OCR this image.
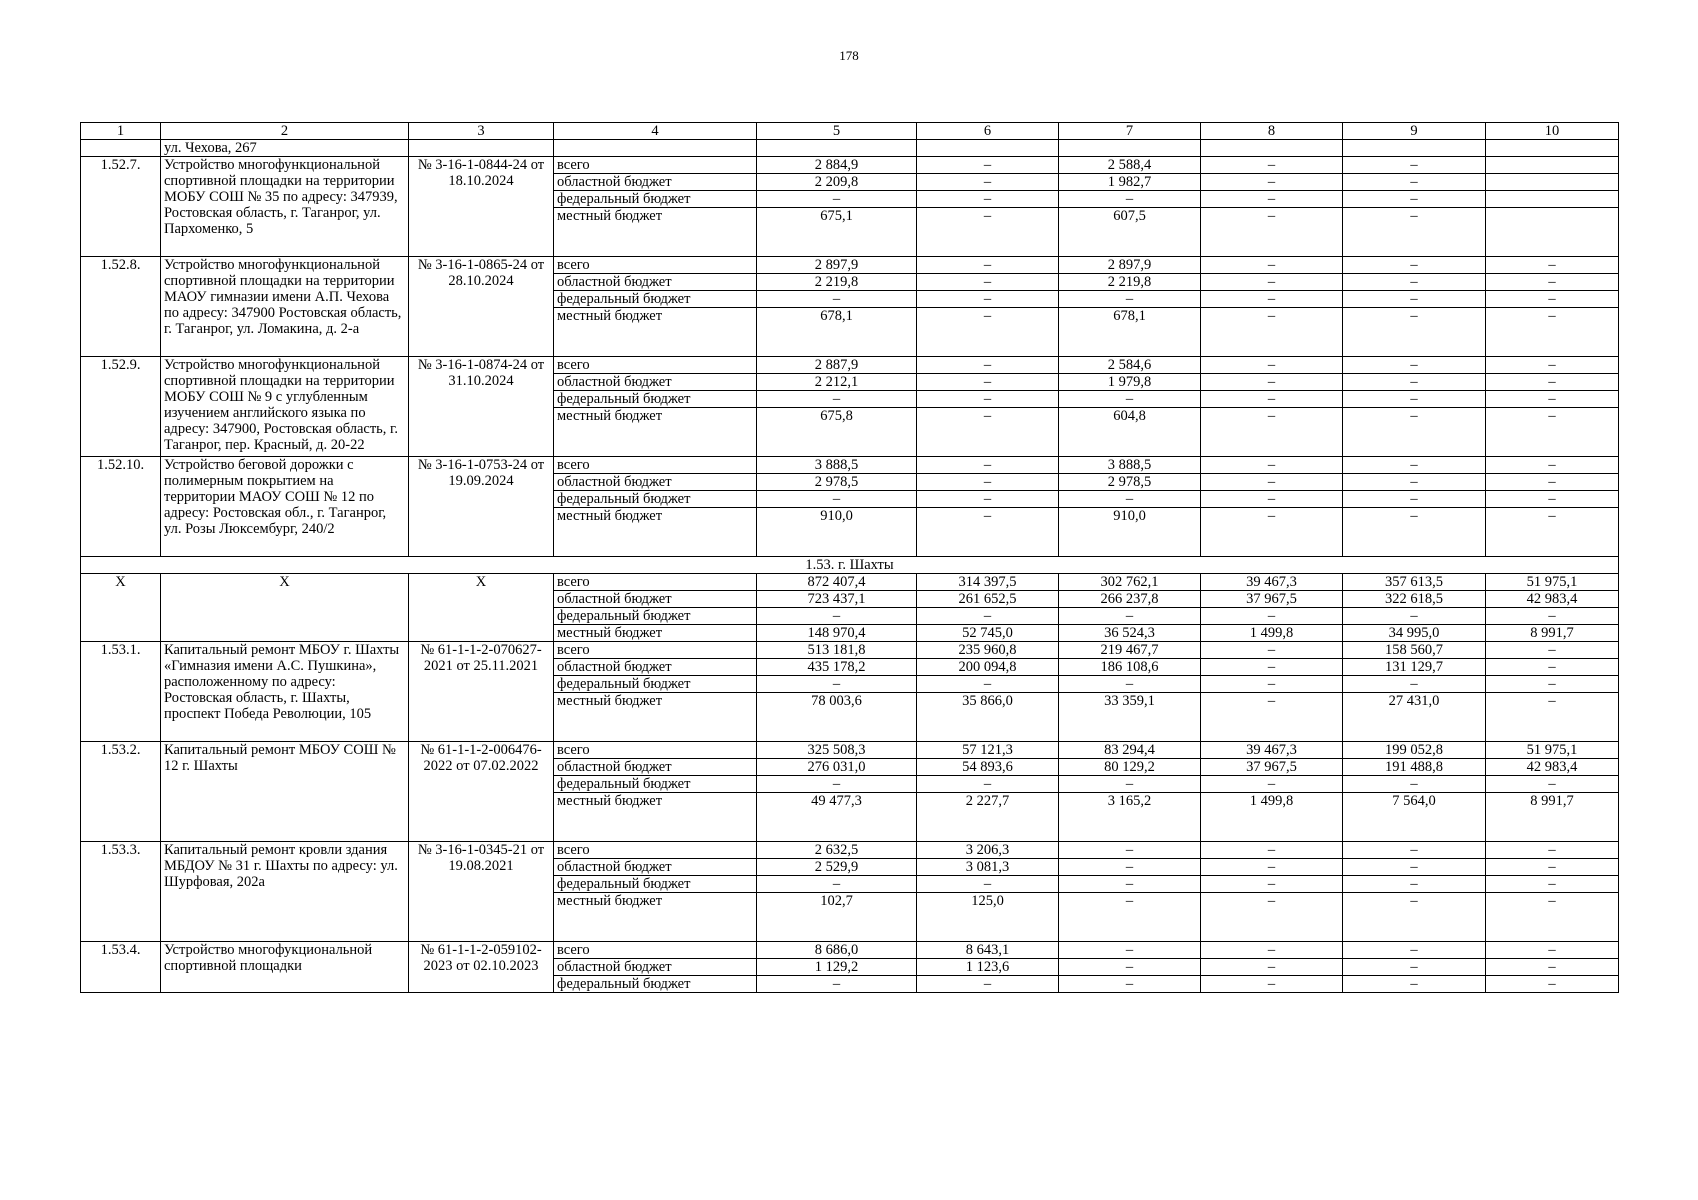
178
1	2	3	4	5	6	7	8	9	10
	ул. Чехова, 267								
1.52.7.	Устройство многофункциональной спортивной площадки на территории МОБУ СОШ № 35 по адресу: 347939, Ростовская область, г. Таганрог, ул. Пархоменко, 5	№ 3-16-1-0844-24 от 18.10.2024	всего	2 884,9	–	2 588,4	–	–	
			областной бюджет	2 209,8	–	1 982,7	–	–	
			федеральный бюджет	–	–	–	–	–	
			местный бюджет	675,1	–	607,5	–	–	
1.52.8.	Устройство многофункциональной спортивной площадки на территории МАОУ гимназии имени А.П. Чехова по адресу: 347900 Ростовская область, г. Таганрог, ул. Ломакина, д. 2-а	№ 3-16-1-0865-24 от 28.10.2024	всего	2 897,9	–	2 897,9	–	–	–
			областной бюджет	2 219,8	–	2 219,8	–	–	–
			федеральный бюджет	–	–	–	–	–	–
			местный бюджет	678,1	–	678,1	–	–	–
1.52.9.	Устройство многофункциональной спортивной площадки на территории МОБУ СОШ № 9 с углубленным изучением английского языка по адресу: 347900, Ростовская область, г. Таганрог, пер. Красный, д. 20-22	№ 3-16-1-0874-24 от 31.10.2024	всего	2 887,9	–	2 584,6	–	–	–
			областной бюджет	2 212,1	–	1 979,8	–	–	–
			федеральный бюджет	–	–	–	–	–	–
			местный бюджет	675,8	–	604,8	–	–	–
1.52.10.	Устройство беговой дорожки с полимерным покрытием на территории МАОУ СОШ № 12 по адресу: Ростовская обл., г. Таганрог, ул. Розы Люксембург, 240/2	№ 3-16-1-0753-24 от 19.09.2024	всего	3 888,5	–	3 888,5	–	–	–
			областной бюджет	2 978,5	–	2 978,5	–	–	–
			федеральный бюджет	–	–	–	–	–	–
			местный бюджет	910,0	–	910,0	–	–	–
1.53. г. Шахты									
Х	Х	Х	всего	872 407,4	314 397,5	302 762,1	39 467,3	357 613,5	51 975,1
			областной бюджет	723 437,1	261 652,5	266 237,8	37 967,5	322 618,5	42 983,4
			федеральный бюджет	–	–	–	–	–	–
			местный бюджет	148 970,4	52 745,0	36 524,3	1 499,8	34 995,0	8 991,7
1.53.1.	Капитальный ремонт МБОУ г. Шахты «Гимназия имени А.С. Пушкина», расположенному по адресу: Ростовская область, г. Шахты, проспект Победа Революции, 105	№ 61-1-1-2-070627-2021 от 25.11.2021	всего	513 181,8	235 960,8	219 467,7	–	158 560,7	–
			областной бюджет	435 178,2	200 094,8	186 108,6	–	131 129,7	–
			федеральный бюджет	–	–	–	–	–	–
			местный бюджет	78 003,6	35 866,0	33 359,1	–	27 431,0	–
1.53.2.	Капитальный ремонт МБОУ СОШ № 12 г. Шахты	№ 61-1-1-2-006476-2022 от 07.02.2022	всего	325 508,3	57 121,3	83 294,4	39 467,3	199 052,8	51 975,1
			областной бюджет	276 031,0	54 893,6	80 129,2	37 967,5	191 488,8	42 983,4
			федеральный бюджет	–	–	–	–	–	–
			местный бюджет	49 477,3	2 227,7	3 165,2	1 499,8	7 564,0	8 991,7
1.53.3.	Капитальный ремонт кровли здания МБДОУ № 31 г. Шахты по адресу: ул. Шурфовая, 202а	№ 3-16-1-0345-21 от 19.08.2021	всего	2 632,5	3 206,3	–	–	–	–
			областной бюджет	2 529,9	3 081,3	–	–	–	–
			федеральный бюджет	–	–	–	–	–	–
			местный бюджет	102,7	125,0	–	–	–	–
1.53.4.	Устройство многофукциональной спортивной площадки	№ 61-1-1-2-059102-2023 от 02.10.2023	всего	8 686,0	8 643,1	–	–	–	–
			областной бюджет	1 129,2	1 123,6	–	–	–	–
			федеральный бюджет	–	–	–	–	–	–
